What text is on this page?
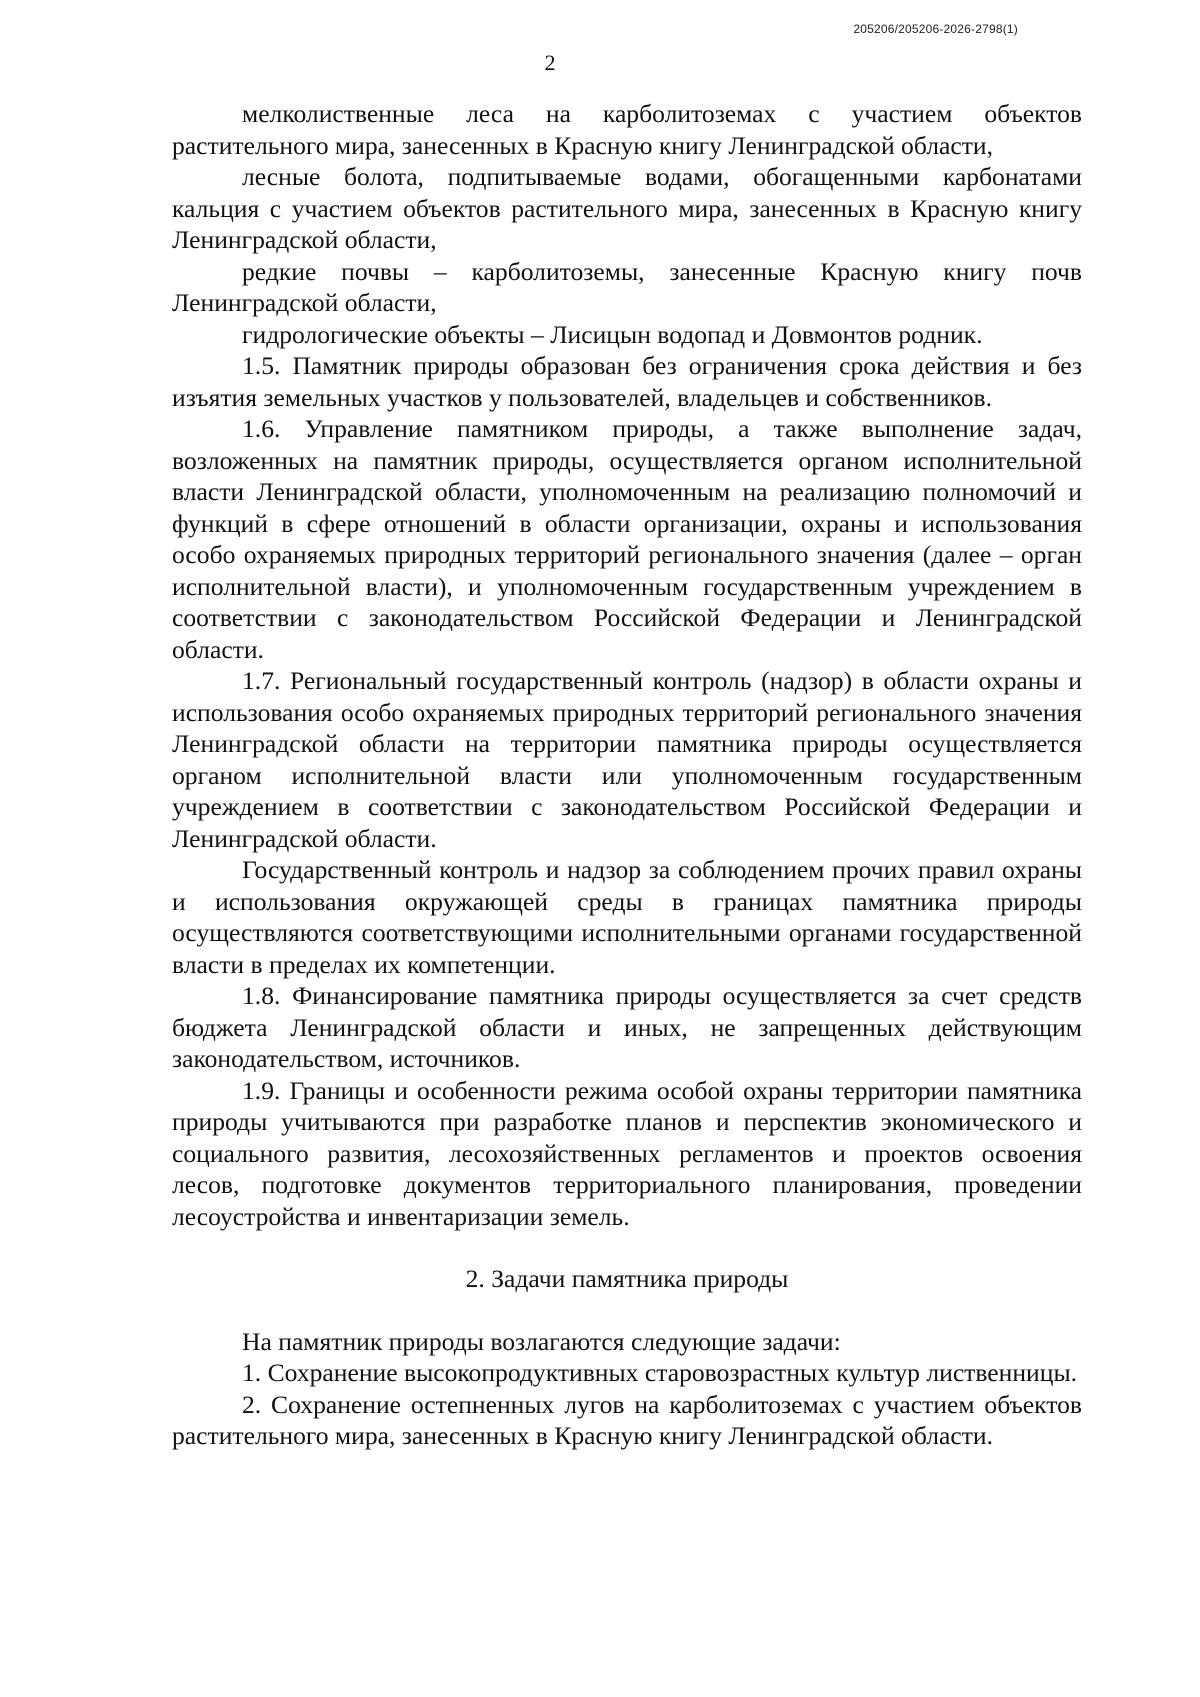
205206/205206-2026-2798(1)
2

мелколиственные леса на карболитоземах с участием объектов растительного мира, занесенных в Красную книгу Ленинградской области,

лесные болота, подпитываемые водами, обогащенными карбонатами кальция с участием объектов растительного мира, занесенных в Красную книгу Ленинградской области,

редкие почвы – карболитоземы, занесенные Красную книгу почв Ленинградской области,

гидрологические объекты – Лисицын водопад и Довмонтов родник.

1.5. Памятник природы образован без ограничения срока действия и без изъятия земельных участков у пользователей, владельцев и собственников.

1.6. Управление памятником природы, а также выполнение задач, возложенных на памятник природы, осуществляется органом исполнительной власти Ленинградской области, уполномоченным на реализацию полномочий и функций в сфере отношений в области организации, охраны и использования особо охраняемых природных территорий регионального значения (далее – орган исполнительной власти), и уполномоченным государственным учреждением в соответствии с законодательством Российской Федерации и Ленинградской области.

1.7. Региональный государственный контроль (надзор) в области охраны и использования особо охраняемых природных территорий регионального значения Ленинградской области на территории памятника природы осуществляется органом исполнительной власти или уполномоченным государственным учреждением в соответствии с законодательством Российской Федерации и Ленинградской области.

Государственный контроль и надзор за соблюдением прочих правил охраны и использования окружающей среды в границах памятника природы осуществляются соответствующими исполнительными органами государственной власти в пределах их компетенции.

1.8. Финансирование памятника природы осуществляется за счет средств бюджета Ленинградской области и иных, не запрещенных действующим законодательством, источников.

1.9. Границы и особенности режима особой охраны территории памятника природы учитываются при разработке планов и перспектив экономического и социального развития, лесохозяйственных регламентов и проектов освоения лесов, подготовке документов территориального планирования, проведении лесоустройства и инвентаризации земель.

2. Задачи памятника природы

На памятник природы возлагаются следующие задачи:

1. Сохранение высокопродуктивных старовозрастных культур лиственницы.

2. Сохранение остепненных лугов на карболитоземах с участием объектов растительного мира, занесенных в Красную книгу Ленинградской области.
